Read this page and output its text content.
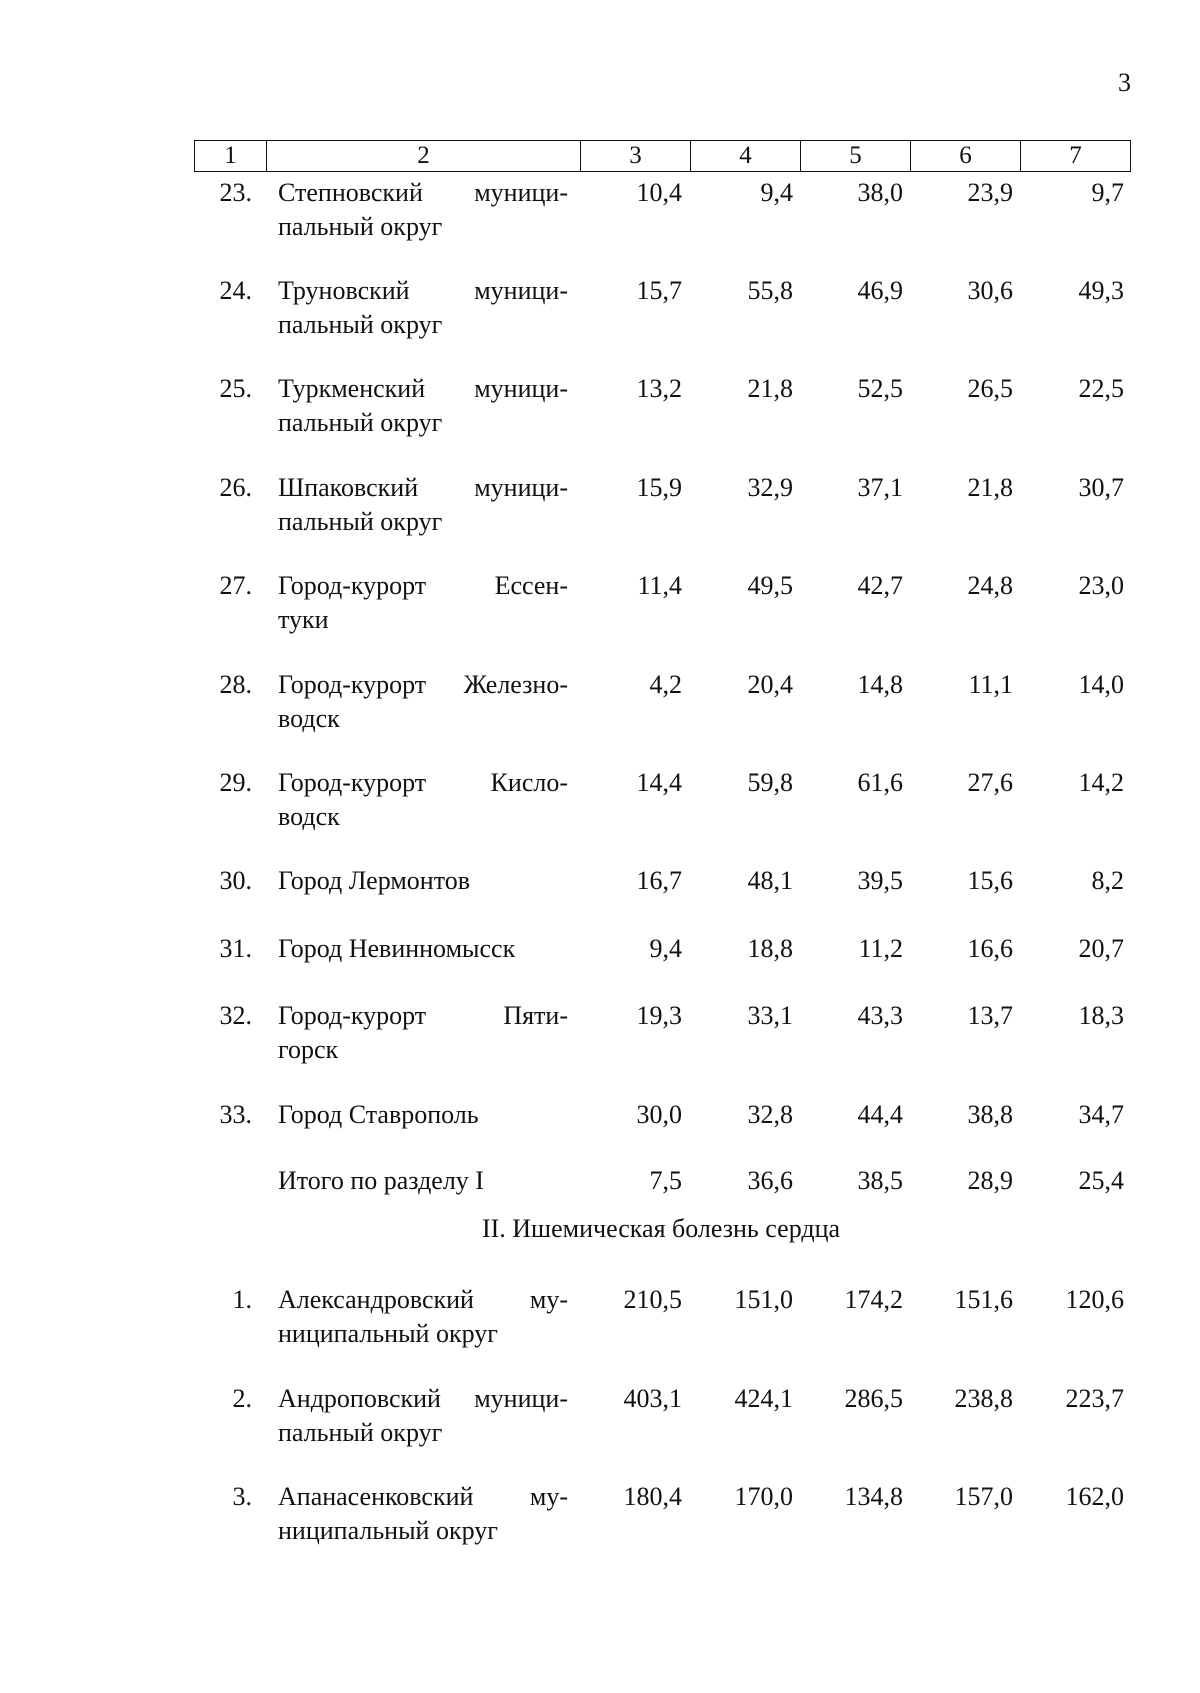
3
1	2	3	4	5	6	7
23. Степновский муници-
пальный округ
10,4	9,4	38,0	23,9	9,7
24. Труновский муници-
пальный округ
15,7	55,8	46,9	30,6	49,3
25. Туркменский муници-
пальный округ
13,2	21,8	52,5	26,5	22,5
26. Шпаковский муници-
пальный округ
15,9	32,9	37,1	21,8	30,7
27. Город-курорт Ессен-
туки
11,4	49,5	42,7	24,8	23,0
28. Город-курорт Железно-
водск
4,2	20,4	14,8	11,1	14,0
29. Город-курорт Кисло-
водск
14,4	59,8	61,6	27,6	14,2
30. Город Лермонтов	16,7	48,1	39,5	15,6	8,2
31. Город Невинномысск	9,4	18,8	11,2	16,6	20,7
32. Город-курорт Пяти-
горск
19,3	33,1	43,3	13,7	18,3
33. Город Ставрополь	30,0	32,8	44,4	38,8	34,7
Итого по разделу I	7,5	36,6	38,5	28,9	25,4
II. Ишемическая болезнь сердца
1. Александровский му-
ниципальный округ
210,5	151,0	174,2	151,6	120,6
2. Андроповский муници-
пальный округ
403,1	424,1	286,5	238,8	223,7
3. Апанасенковский му-
ниципальный округ
180,4	170,0	134,8	157,0	162,0
